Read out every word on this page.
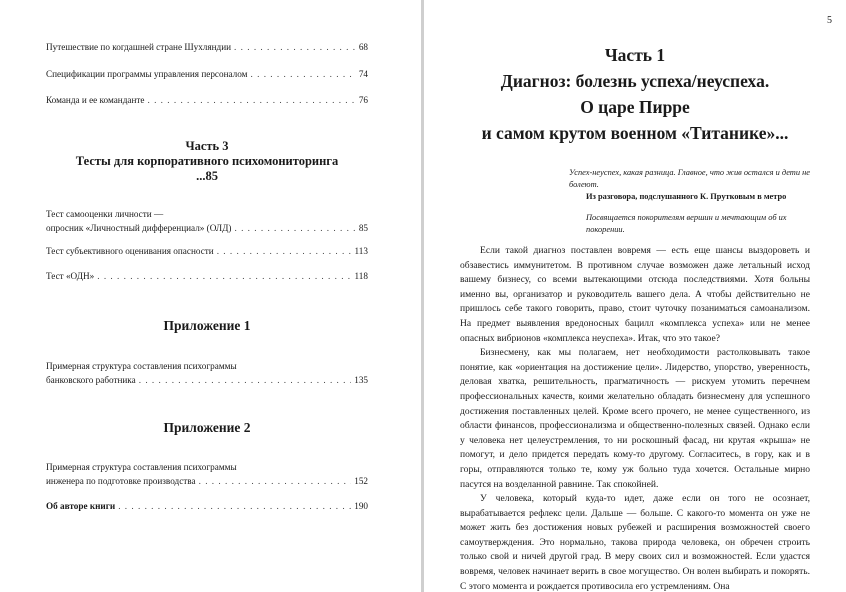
Путешествие по когдашней стране Шухляндии . . .	68
Спецификации программы управления персоналом . . .	74
Команда и ее команданте . . .	76
Тест самооценки личности —
опросник «Личностный дифференциал» (ОЛД) . . .	85
Тест субъективного оценивания опасности . . .	113
Тест «ОДН» . . .	118
Примерная структура составления психограммы
банковского работника . . .	135
Примерная структура составления психограммы
инженера по подготовке производства . . .	152
Об авторе книги . . .	190
Часть 3
Тесты для корпоративного психомониторинга
...85
Приложение 1
Приложение 2
5
Часть 1
Диагноз: болезнь успеха/неуспеха.
О царе Пирре
и самом крутом военном «Титанике»...
Успех-неуспех, какая разница. Главное, что жив остался и дети не болеют.
Из разговора, подслушанного К. Прутковым в метро
Посвящается покорителям вершин и мечтающим об их покорении.

Если такой диагноз поставлен вовремя — есть еще шансы выздороветь и обзавестись иммунитетом. В противном случае возможен даже летальный исход вашему бизнесу, со всеми вытекающими отсюда последствиями. Хотя больны именно вы, организатор и руководитель вашего дела. А чтобы действительно не пришлось себе такого говорить, право, стоит чуточку позаниматься самоанализом. На предмет выявления вредоносных бацилл «комплекса успеха» или не менее опасных вибрионов «комплекса неуспеха». Итак, что это такое?
Бизнесмену, как мы полагаем, нет необходимости растолковывать такое понятие, как «ориентация на достижение цели». Лидерство, упорство, уверенность, деловая хватка, решительность, прагматичность — рискуем утомить перечнем профессиональных качеств, коими желательно обладать бизнесмену для успешного достижения поставленных целей. Кроме всего прочего, не менее существенного, из области финансов, профессионализма и общественно-полезных связей. Однако если у человека нет целеустремления, то ни роскошный фасад, ни крутая «крыша» не помогут, и дело придется передать кому-то другому. Согласитесь, в гору, как и в горы, отправляются только те, кому уж больно туда хочется. Остальные мирно пасутся на возделанной равнине. Так спокойней.
У человека, который куда-то идет, даже если он того не осознает, вырабатывается рефлекс цели. Дальше — больше. С какого-то момента он уже не может жить без достижения новых рубежей и расширения возможностей своего самоутверждения. Это нормально, такова природа человека, он обречен строить только свой и ничей другой град. В меру своих сил и возможностей. Если удастся вовремя, человек начинает верить в свое могущество. Он волен выбирать и покорять. С этого момента и рождается противосила его устремлениям. Она
